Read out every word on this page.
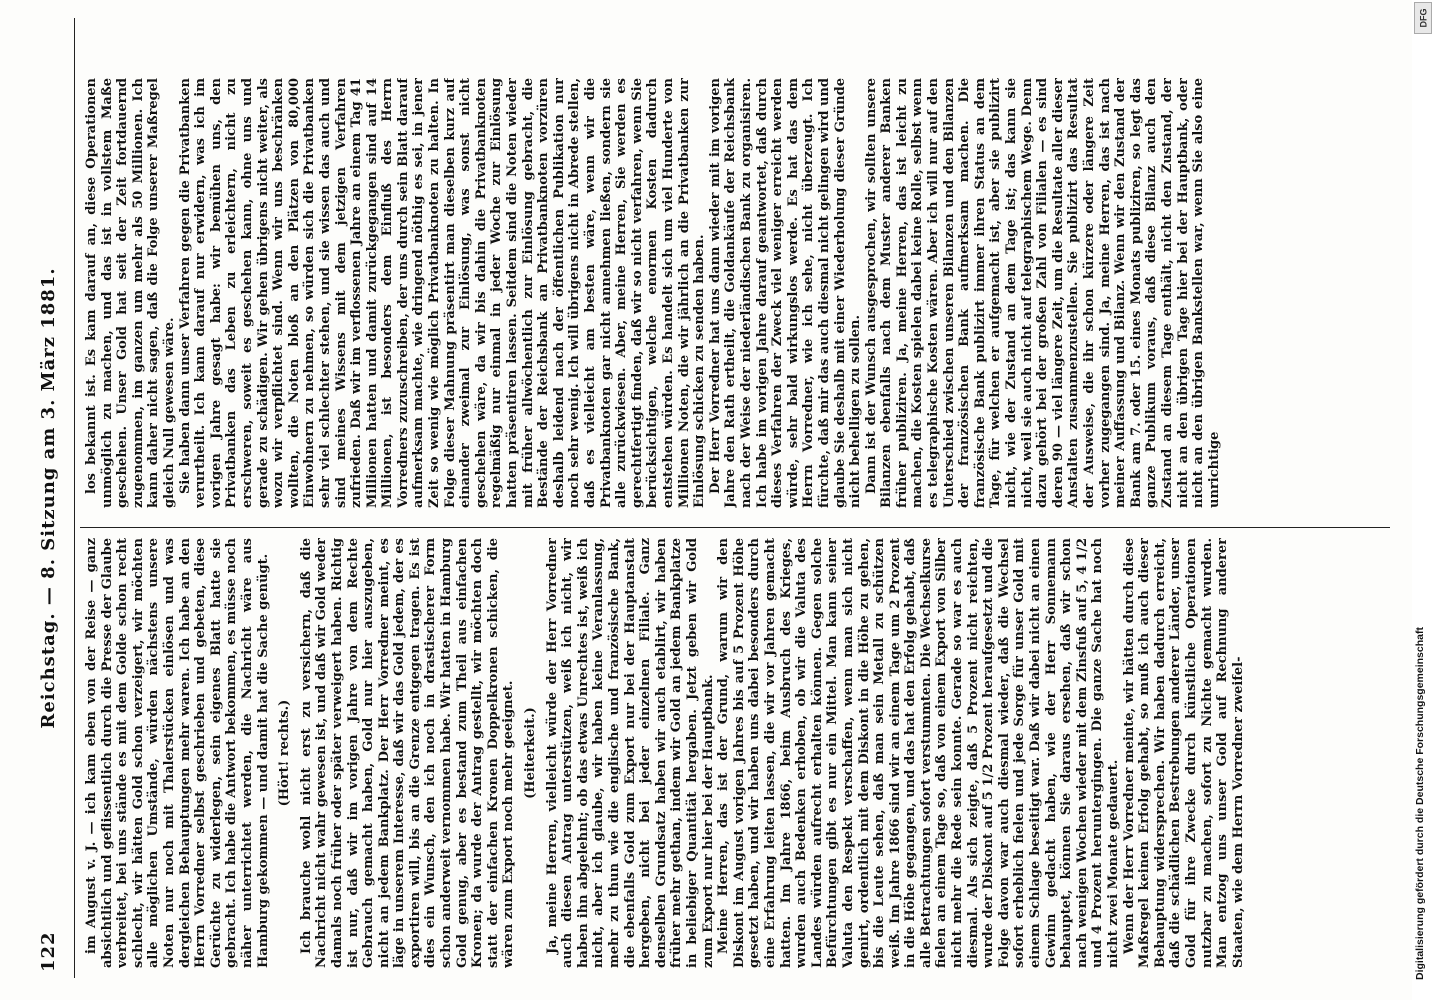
122
Reichstag. — 8. Sitzung am 3. März 1881.

im August v. J. — ich kam eben von der Reise — ganz absichtlich und geflissentlich durch die Presse der Glaube verbreitet, bei uns stände es mit dem Golde schon recht schlecht, wir hätten Gold schon verzeigert, wir möchten alle möglichen Umstände, würden nächstens unsere Noten nur noch mit Thalerstücken einlösen und was dergleichen Behauptungen mehr waren. Ich habe an den Herrn Vorredner selbst geschrieben und gebeten, diese Gerüchte zu widerlegen, sein eigenes Blatt hatte sie gebracht. Ich habe die Antwort bekommen, es müsse noch näher unterrichtet werden, die Nachricht wäre aus Hamburg gekommen — und damit hat die Sache genügt. (Hört! rechts.) Ich brauche wohl nicht erst zu versichern, daß die Nachricht nicht wahr gewesen ist, und daß wir Gold weder damals noch früher oder später verweigert haben. Richtig ist nur, daß wir im vorigen Jahre von dem Rechte Gebrauch gemacht haben, Gold nur hier auszugeben, nicht an jedem Bankplatz. Der Herr Vorredner meint, es läge in unserem Interesse, daß wir das Gold jedem, der es exportiren will, bis an die Grenze entgegen tragen. Es ist dies ein Wunsch, den ich noch in drastischerer Form schon anderweit vernommen habe. Wir hatten in Hamburg Gold genug, aber es bestand zum Theil aus einfachen Kronen; da wurde der Antrag gestellt, wir möchten doch statt der einfachen Kronen Doppelkronen schicken, die wären zum Export noch mehr geeignet. (Heiterkeit.) Ja, meine Herren, vielleicht würde der Herr Vorredner auch diesen Antrag unterstützen, weiß ich nicht, wir haben ihn abgelehnt; ob das etwas Unrechtes ist, weiß ich nicht, aber ich glaube, wir haben keine Veranlassung, mehr zu thun wie die englische und französische Bank, die ebenfalls Gold zum Export nur bei der Hauptanstalt hergeben, nicht bei jeder einzelnen Filiale. Ganz denselben Grundsatz haben wir auch etablirt, wir haben früher mehr gethan, indem wir Gold an jedem Bankplatze in beliebiger Quantität hergaben. Jetzt geben wir Gold zum Export nur hier bei der Hauptbank. Meine Herren, das ist der Grund, warum wir den Diskont im August vorigen Jahres bis auf 5 Prozent Höhe gesetzt haben, und wir haben uns dabei besonders durch eine Erfahrung leiten lassen, die wir vor Jahren gemacht hatten. Im Jahre 1866, beim Ausbruch des Krieges, wurden auch Bedenken erhoben, ob wir die Valuta des Landes würden aufrecht erhalten können. Gegen solche Befürchtungen gibt es nur ein Mittel. Man kann seiner Valuta den Respekt verschaffen, wenn man sich nicht genirt, ordentlich mit dem Diskont in die Höhe zu gehen, bis die Leute sehen, daß man sein Metall zu schützen weiß. Im Jahre 1866 sind wir an einem Tage um 2 Prozent in die Höhe gegangen, und das hat den Erfolg gehabt, daß alle Betrachtungen sofort verstummten. Die Wechselkurse fielen an einem Tage so, daß von einem Export von Silber nicht mehr die Rede sein konnte. Gerade so war es auch diesmal. Als sich zeigte, daß 5 Prozent nicht reichten, wurde der Diskont auf 5 1/2 Prozent heraufgesetzt und die Folge davon war auch diesmal wieder, daß die Wechsel sofort erheblich fielen und jede Sorge für unser Gold mit einem Schlage beseitigt war. Daß wir dabei nicht an einen Gewinn gedacht haben, wie der Herr Sonnemann behauptet, können Sie daraus ersehen, daß wir schon nach wenigen Wochen wieder mit dem Zinsfuß auf 5, 4 1/2 und 4 Prozent heruntergingen. Die ganze Sache hat noch nicht zwei Monate gedauert. Wenn der Herr Vorredner meinte, wir hätten durch diese Maßregel keinen Erfolg gehabt, so muß ich auch dieser Behauptung widersprechen. Wir haben dadurch erreicht, daß die schädlichen Bestrebungen anderer Länder, unser Gold für ihre Zwecke durch künstliche Operationen nutzbar zu machen, sofort zu Nichte gemacht wurden. Man entzog uns unser Gold auf Rechnung anderer Staaten, wie dem Herrn Vorredner zweifel-

los bekannt ist. Es kam darauf an, diese Operationen unmöglich zu machen, und das ist in vollstem Maße geschehen. Unser Gold hat seit der Zeit fortdauernd zugenommen, im ganzen um mehr als 50 Millionen. Ich kann daher nicht sagen, daß die Folge unserer Maßregel gleich Null gewesen wäre. Sie haben dann unser Verfahren gegen die Privatbanken verurtheilt. Ich kann darauf nur erwidern, was ich im vorigen Jahre gesagt habe: wir bemühen uns, den Privatbanken das Leben zu erleichtern, nicht zu erschweren, soweit es geschehen kann, ohne uns und gerade zu schädigen. Wir gehen übrigens nicht weiter, als wozu wir verpflichtet sind. Wenn wir uns beschränken wollten, die Noten bloß an den Plätzen von 80,000 Einwohnern zu nehmen, so würden sich die Privatbanken sehr viel schlechter stehen, und sie wissen das auch und sind meines Wissens mit dem jetzigen Verfahren zufrieden. Daß wir im verflossenen Jahre an einem Tag 41 Millionen hatten und damit zurückgegangen sind auf 14 Millionen, ist besonders dem Einfluß des Herrn Vorredners zuzuschreiben, der uns durch sein Blatt darauf aufmerksam machte, wie dringend nöthig es sei, in jener Zeit so wenig wie möglich Privatbanknoten zu halten. In Folge dieser Mahnung präsentirt man dieselben kurz auf einander zweimal zur Einlösung, was sonst nicht geschehen wäre, da wir bis dahin die Privatbanknoten regelmäßig nur einmal in jeder Woche zur Einlösung hatten präsentiren lassen. Seitdem sind die Noten wieder mit früher allwöchentlich zur Einlösung gebracht, die Bestände der Reichsbank an Privatbanknoten vorzüren deshalb leidend nach der öffentlichen Publikation nur noch sehr wenig. Ich will übrigens nicht in Abrede stellen, daß es vielleicht am besten wäre, wenn wir die Privatbanknoten gar nicht annehmen ließen, sondern sie alle zurückwiesen. Aber, meine Herren, Sie werden es gerechtfertigt finden, daß wir so nicht verfahren, wenn Sie berücksichtigen, welche enormen Kosten dadurch entstehen würden. Es handelt sich um viel Hunderte von Millionen Noten, die wir jährlich an die Privatbanken zur Einlösung schicken zu senden haben. Der Herr Vorredner hat uns dann wieder mit im vorigen Jahre den Rath ertheilt, die Goldankäufe der Reichsbank nach der Weise der niederländischen Bank zu organisiren. Ich habe im vorigen Jahre darauf geantwortet, daß durch dieses Verfahren der Zweck viel weniger erreicht werden würde, sehr bald wirkungslos werde. Es hat das dem Herrn Vorredner, wie ich sehe, nicht überzeugt. Ich fürchte, daß mir das auch diesmal nicht gelingen wird und glaube Sie deshalb mit einer Wiederholung dieser Gründe nicht behelligen zu sollen. Dann ist der Wunsch ausgesprochen, wir sollten unsere Bilanzen ebenfalls nach dem Muster anderer Banken früher publiziren. Ja, meine Herren, das ist leicht zu machen, die Kosten spielen dabei keine Rolle, selbst wenn es telegraphische Kosten wären. Aber ich will nur auf den Unterschied zwischen unseren Bilanzen und den Bilanzen der französischen Bank aufmerksam machen. Die französische Bank publizirt immer ihren Status an dem Tage, für welchen er aufgemacht ist, aber sie publizirt nicht, wie der Zustand an dem Tage ist; das kann sie nicht, weil sie auch nicht auf telegraphischem Wege. Denn dazu gehört bei der großen Zahl von Filialen — es sind deren 90 — viel längere Zeit, um die Resultate aller dieser Anstalten zusammenzustellen. Sie publizirt das Resultat der Ausweise, die ihr schon kürzere oder längere Zeit vorher zugegangen sind. Ja, meine Herren, das ist nach meiner Auffassung und Bilanz. Wenn wir den Zustand der Bank am 7. oder 15. eines Monats publiziren, so legt das ganze Publikum voraus, daß diese Bilanz auch den Zustand an diesem Tage enthält, nicht den Zustand, der nicht an den übrigen Tage hier bei der Hauptbank, oder nicht an den übrigen Bankstellen war, wenn Sie also eine unrichtige

Digitalisierung gefördert durch die Deutsche Forschungsgemeinschaft
DFG
